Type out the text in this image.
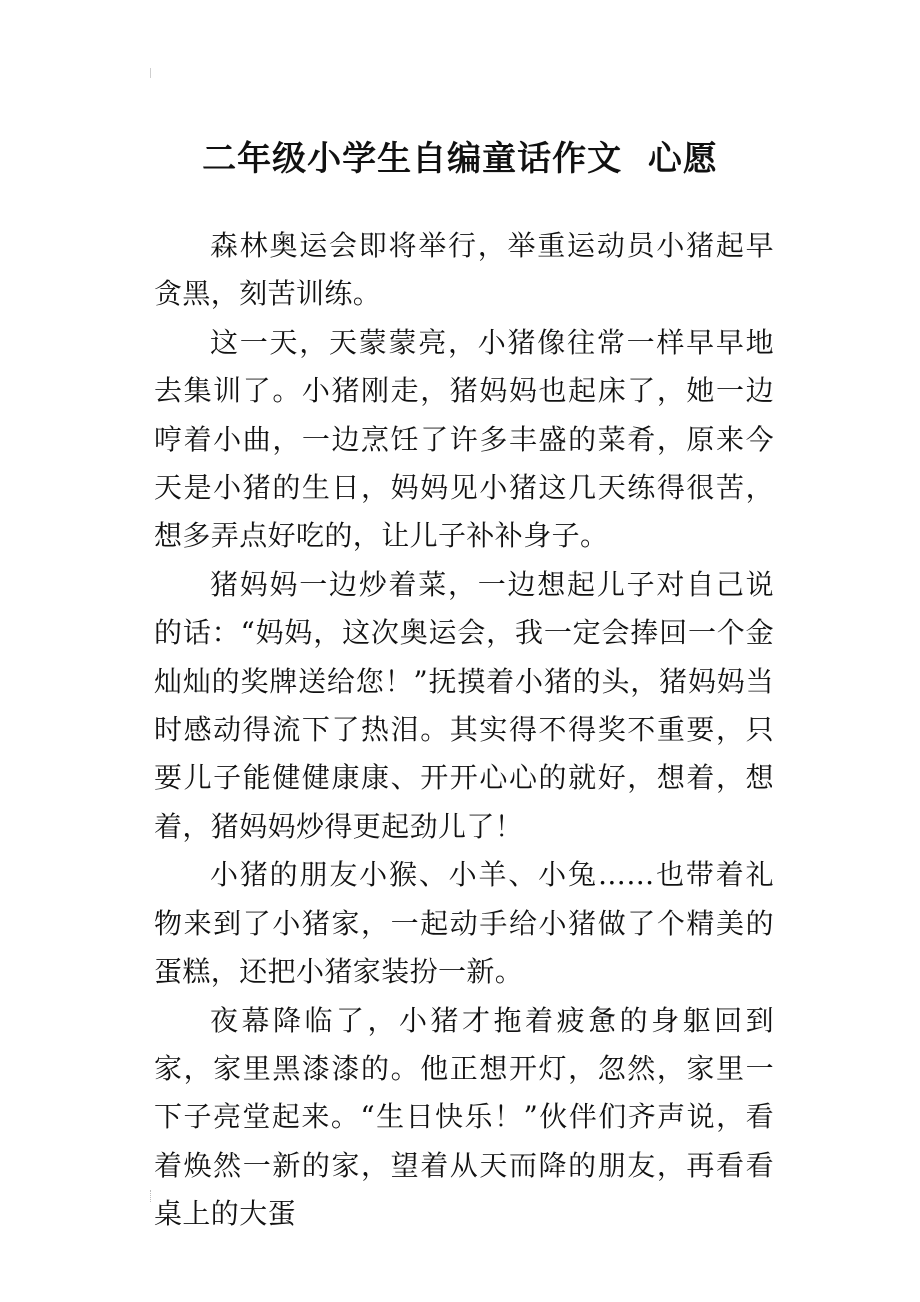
二年级小学生自编童话作文  心愿

森林奥运会即将举行，举重运动员小猪起早贪黑，刻苦训练。

这一天，天蒙蒙亮，小猪像往常一样早早地去集训了。小猪刚走，猪妈妈也起床了，她一边哼着小曲，一边烹饪了许多丰盛的菜肴，原来今天是小猪的生日，妈妈见小猪这几天练得很苦，想多弄点好吃的，让儿子补补身子。

猪妈妈一边炒着菜，一边想起儿子对自己说的话：“妈妈，这次奥运会，我一定会捧回一个金灿灿的奖牌送给您！”抚摸着小猪的头，猪妈妈当时感动得流下了热泪。其实得不得奖不重要，只要儿子能健健康康、开开心心的就好，想着，想着，猪妈妈炒得更起劲儿了！

小猪的朋友小猴、小羊、小兔……也带着礼物来到了小猪家，一起动手给小猪做了个精美的蛋糕，还把小猪家装扮一新。

夜幕降临了，小猪才拖着疲惫的身躯回到家，家里黑漆漆的。他正想开灯，忽然，家里一下子亮堂起来。“生日快乐！”伙伴们齐声说，看着焕然一新的家，望着从天而降的朋友，再看看桌上的大蛋
